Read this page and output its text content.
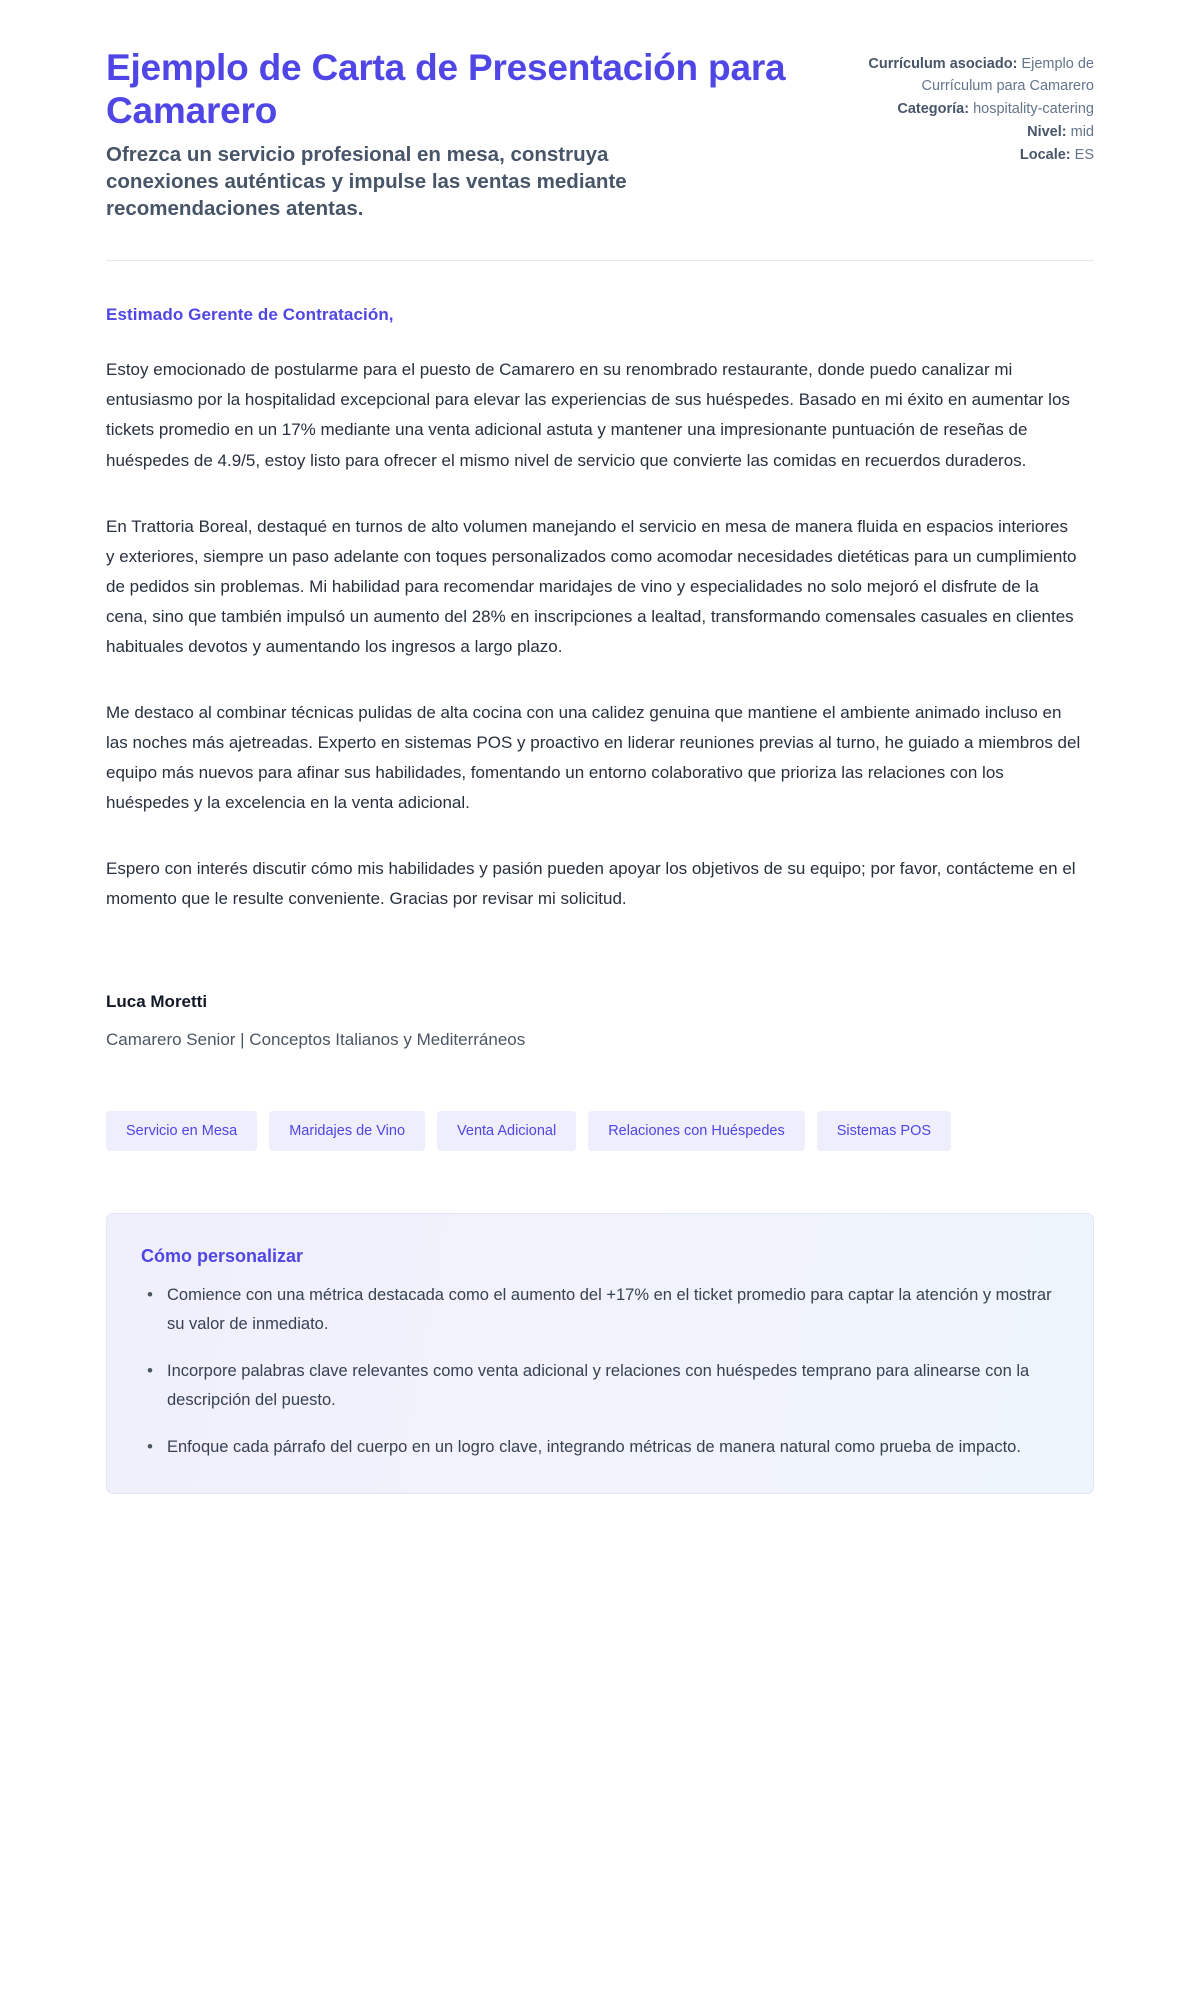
Ejemplo de Carta de Presentación para Camarero

Ofrezca un servicio profesional en mesa, construya conexiones auténticas y impulse las ventas mediante recomendaciones atentas.

Currículum asociado: Ejemplo de Currículum para Camarero
Categoría: hospitality-catering
Nivel: mid
Locale: ES

Estimado Gerente de Contratación,

Estoy emocionado de postularme para el puesto de Camarero en su renombrado restaurante, donde puedo canalizar mi entusiasmo por la hospitalidad excepcional para elevar las experiencias de sus huéspedes. Basado en mi éxito en aumentar los tickets promedio en un 17% mediante una venta adicional astuta y mantener una impresionante puntuación de reseñas de huéspedes de 4.9/5, estoy listo para ofrecer el mismo nivel de servicio que convierte las comidas en recuerdos duraderos.

En Trattoria Boreal, destaqué en turnos de alto volumen manejando el servicio en mesa de manera fluida en espacios interiores y exteriores, siempre un paso adelante con toques personalizados como acomodar necesidades dietéticas para un cumplimiento de pedidos sin problemas. Mi habilidad para recomendar maridajes de vino y especialidades no solo mejoró el disfrute de la cena, sino que también impulsó un aumento del 28% en inscripciones a lealtad, transformando comensales casuales en clientes habituales devotos y aumentando los ingresos a largo plazo.

Me destaco al combinar técnicas pulidas de alta cocina con una calidez genuina que mantiene el ambiente animado incluso en las noches más ajetreadas. Experto en sistemas POS y proactivo en liderar reuniones previas al turno, he guiado a miembros del equipo más nuevos para afinar sus habilidades, fomentando un entorno colaborativo que prioriza las relaciones con los huéspedes y la excelencia en la venta adicional.

Espero con interés discutir cómo mis habilidades y pasión pueden apoyar los objetivos de su equipo; por favor, contácteme en el momento que le resulte conveniente. Gracias por revisar mi solicitud.

Luca Moretti

Camarero Senior | Conceptos Italianos y Mediterráneos

Servicio en Mesa	Maridajes de Vino	Venta Adicional	Relaciones con Huéspedes	Sistemas POS
Cómo personalizar
• Comience con una métrica destacada como el aumento del +17% en el ticket promedio para captar la atención y mostrar su valor de inmediato.
• Incorpore palabras clave relevantes como venta adicional y relaciones con huéspedes temprano para alinearse con la descripción del puesto.
• Enfoque cada párrafo del cuerpo en un logro clave, integrando métricas de manera natural como prueba de impacto.
